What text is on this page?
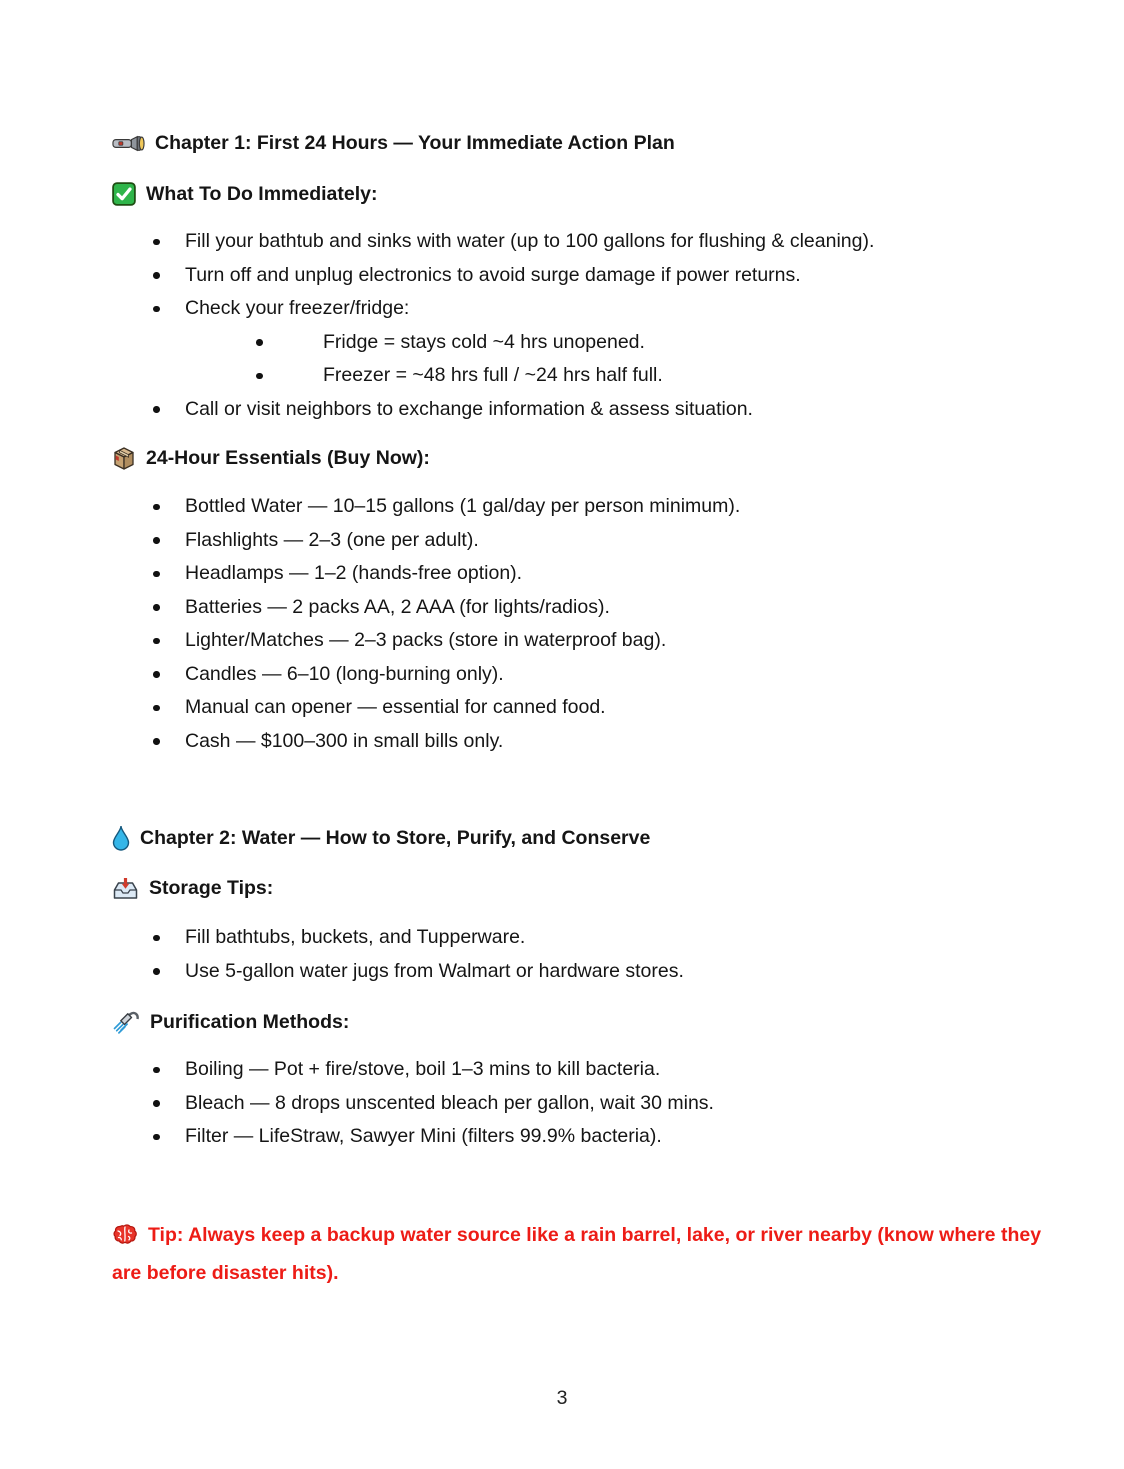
Chapter 1: First 24 Hours — Your Immediate Action Plan
What To Do Immediately:
Fill your bathtub and sinks with water (up to 100 gallons for flushing & cleaning).
Turn off and unplug electronics to avoid surge damage if power returns.
Check your freezer/fridge:
Fridge = stays cold ~4 hrs unopened.
Freezer = ~48 hrs full / ~24 hrs half full.
Call or visit neighbors to exchange information & assess situation.
24-Hour Essentials (Buy Now):
Bottled Water — 10–15 gallons (1 gal/day per person minimum).
Flashlights — 2–3 (one per adult).
Headlamps — 1–2 (hands-free option).
Batteries — 2 packs AA, 2 AAA (for lights/radios).
Lighter/Matches — 2–3 packs (store in waterproof bag).
Candles — 6–10 (long-burning only).
Manual can opener — essential for canned food.
Cash — $100–300 in small bills only.
Chapter 2: Water — How to Store, Purify, and Conserve
Storage Tips:
Fill bathtubs, buckets, and Tupperware.
Use 5-gallon water jugs from Walmart or hardware stores.
Purification Methods:
Boiling — Pot + fire/stove, boil 1–3 mins to kill bacteria.
Bleach — 8 drops unscented bleach per gallon, wait 30 mins.
Filter — LifeStraw, Sawyer Mini (filters 99.9% bacteria).
Tip: Always keep a backup water source like a rain barrel, lake, or river nearby (know where they are before disaster hits).
3
